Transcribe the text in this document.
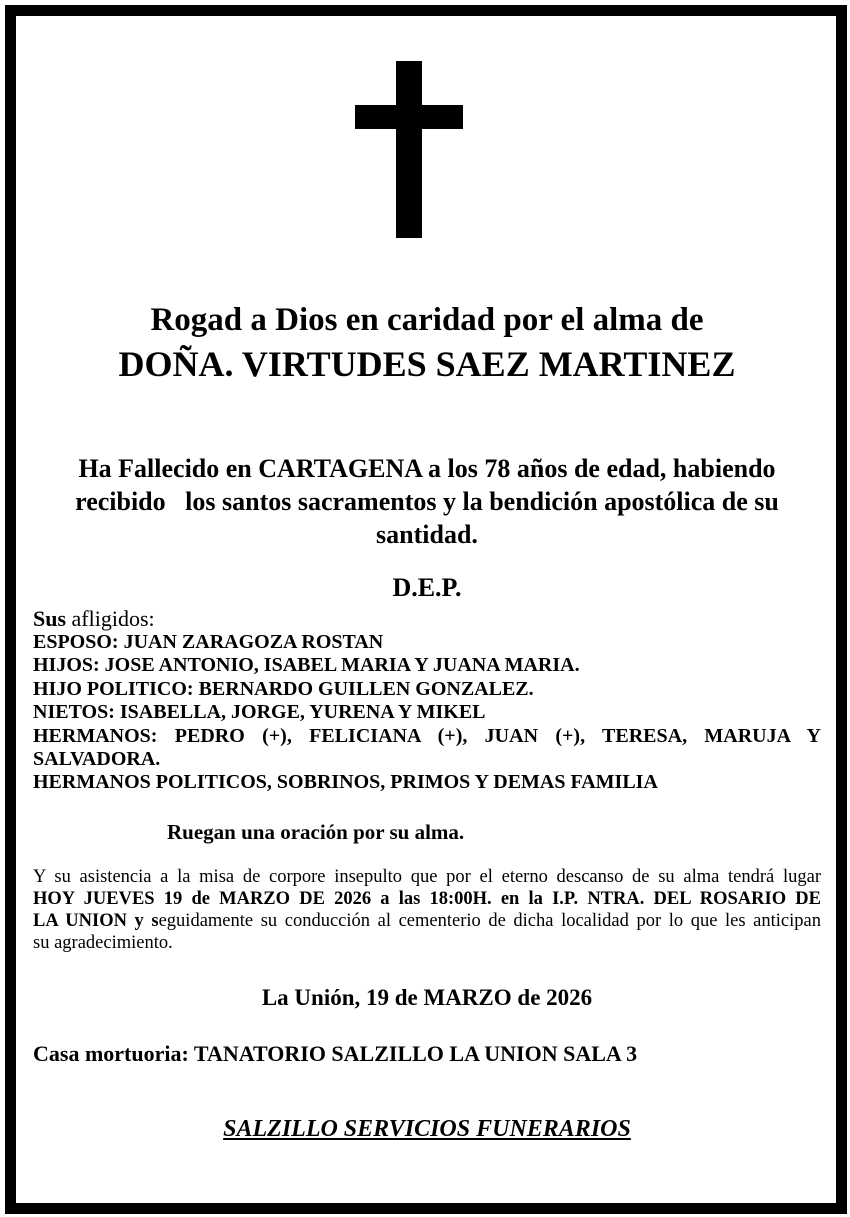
Rogad a Dios en caridad por el alma de
DOÑA. VIRTUDES SAEZ MARTINEZ
Ha Fallecido en CARTAGENA a los 78 años de edad, habiendo
recibido   los santos sacramentos y la bendición apostólica de su
santidad.
D.E.P.
Sus afligidos:
ESPOSO: JUAN ZARAGOZA ROSTAN
HIJOS: JOSE ANTONIO, ISABEL MARIA Y JUANA MARIA.
HIJO POLITICO: BERNARDO GUILLEN GONZALEZ.
NIETOS: ISABELLA, JORGE, YURENA Y MIKEL
HERMANOS: PEDRO (+), FELICIANA (+), JUAN (+), TERESA, MARUJA Y
SALVADORA.
HERMANOS POLITICOS, SOBRINOS, PRIMOS Y DEMAS FAMILIA
Ruegan una oración por su alma.
Y su asistencia a la misa de corpore insepulto que por el eterno descanso de su alma tendrá lugar
HOY JUEVES 19 de MARZO DE 2026 a las 18:00H. en la I.P. NTRA. DEL ROSARIO DE
LA UNION y seguidamente su conducción al cementerio de dicha localidad por lo que les anticipan
su agradecimiento.
La Unión, 19 de MARZO de 2026
Casa mortuoria: TANATORIO SALZILLO LA UNION SALA 3
SALZILLO SERVICIOS FUNERARIOS
